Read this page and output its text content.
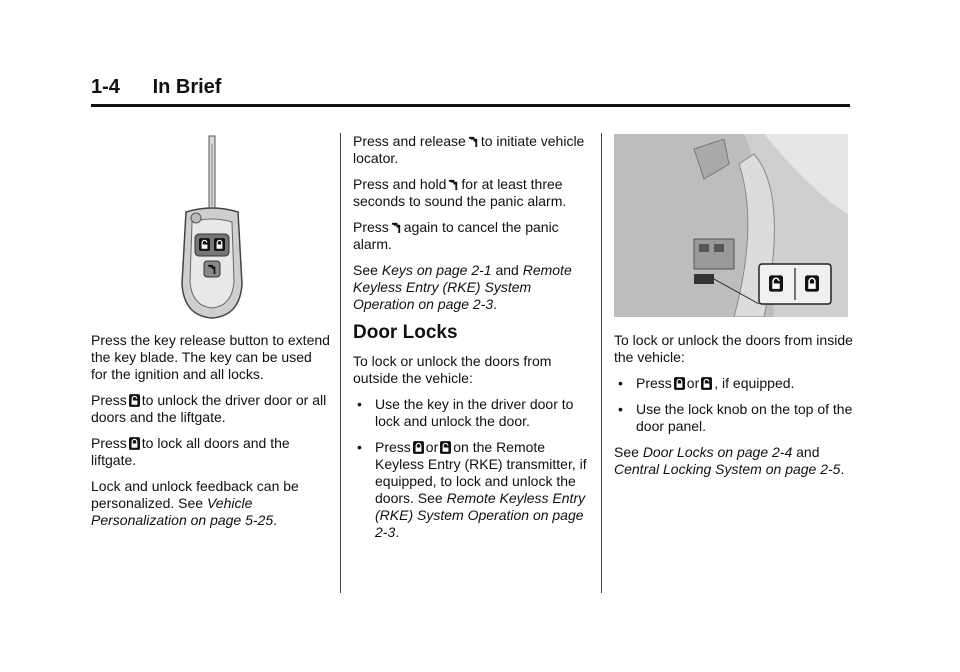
1-4 In Brief

Press the key release button to extend the key blade. The key can be used for the ignition and all locks.

Press to unlock the driver door or all doors and the liftgate.

Press to lock all doors and the liftgate.

Lock and unlock feedback can be personalized. See Vehicle Personalization on page 5-25.

Press and release to initiate vehicle locator.

Press and hold for at least three seconds to sound the panic alarm.

Press again to cancel the panic alarm.

See Keys on page 2-1 and Remote Keyless Entry (RKE) System Operation on page 2-3.

Door Locks

To lock or unlock the doors from outside the vehicle:

• Use the key in the driver door to lock and unlock the door.
• Press or on the Remote Keyless Entry (RKE) transmitter, if equipped, to lock and unlock the doors. See Remote Keyless Entry (RKE) System Operation on page 2-3.

To lock or unlock the doors from inside the vehicle:

• Press or , if equipped.
• Use the lock knob on the top of the door panel.

See Door Locks on page 2-4 and Central Locking System on page 2-5.
